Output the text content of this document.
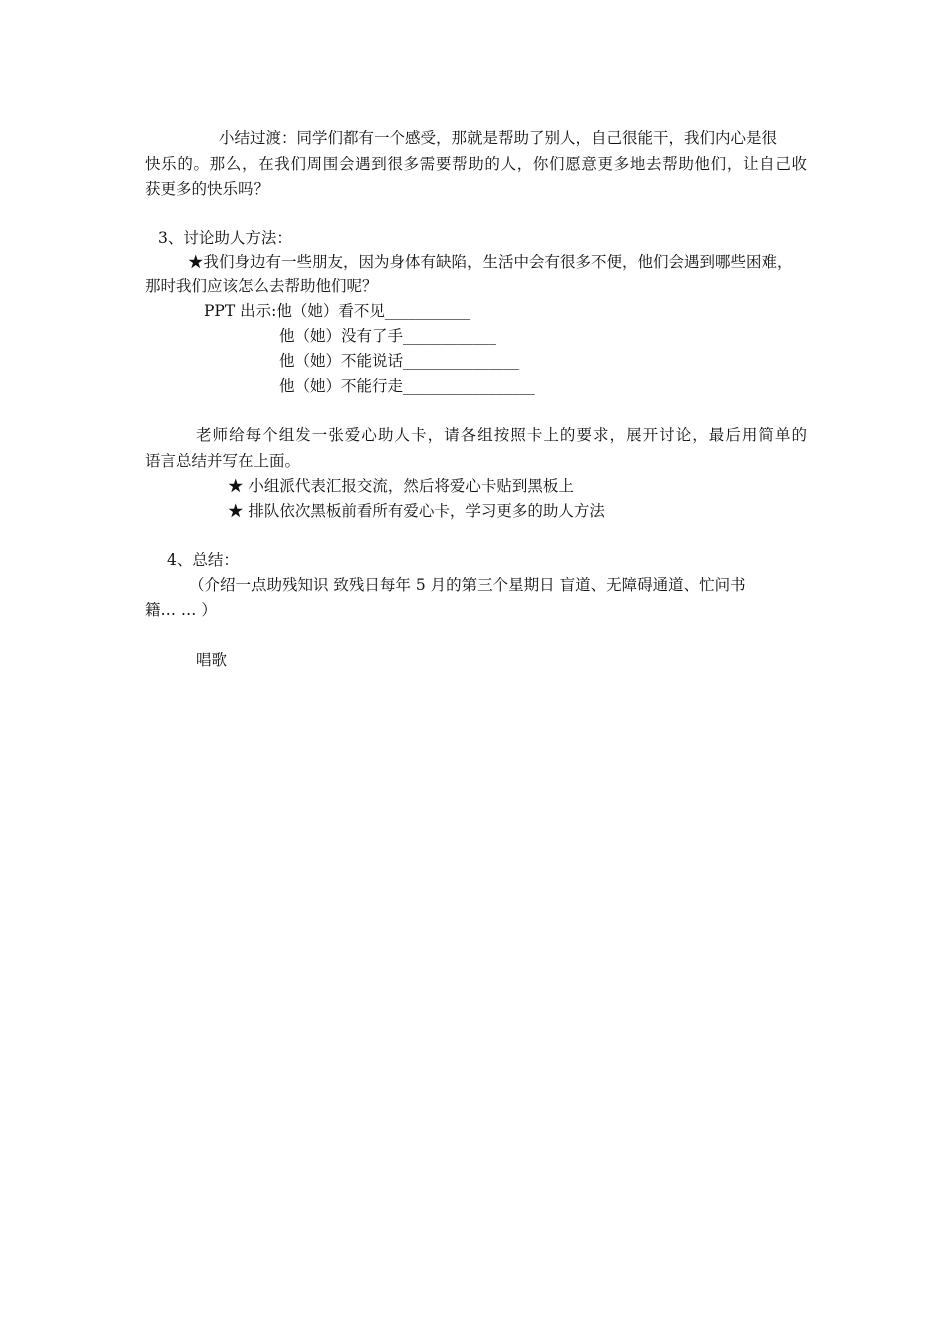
小结过渡：同学们都有一个感受，那就是帮助了别人，自己很能干，我们内心是很
快乐的。那么，在我们周围会遇到很多需要帮助的人，你们愿意更多地去帮助他们，让自己收
获更多的快乐吗？
3、讨论助人方法：
★我们身边有一些朋友，因为身体有缺陷，生活中会有很多不便，他们会遇到哪些困难，
那时我们应该怎么去帮助他们呢？
PPT 出示:他（她）看不见___________
他（她）没有了手____________
他（她）不能说话_______________
他（她）不能行走_________________
老师给每个组发一张爱心助人卡，请各组按照卡上的要求，展开讨论，最后用简单的
语言总结并写在上面。
★ 小组派代表汇报交流，然后将爱心卡贴到黑板上
★ 排队依次黑板前看所有爱心卡，学习更多的助人方法
4、总结：
（介绍一点助残知识 致残日每年 5 月的第三个星期日 盲道、无障碍通道、忙问书
籍… … ）
唱歌
